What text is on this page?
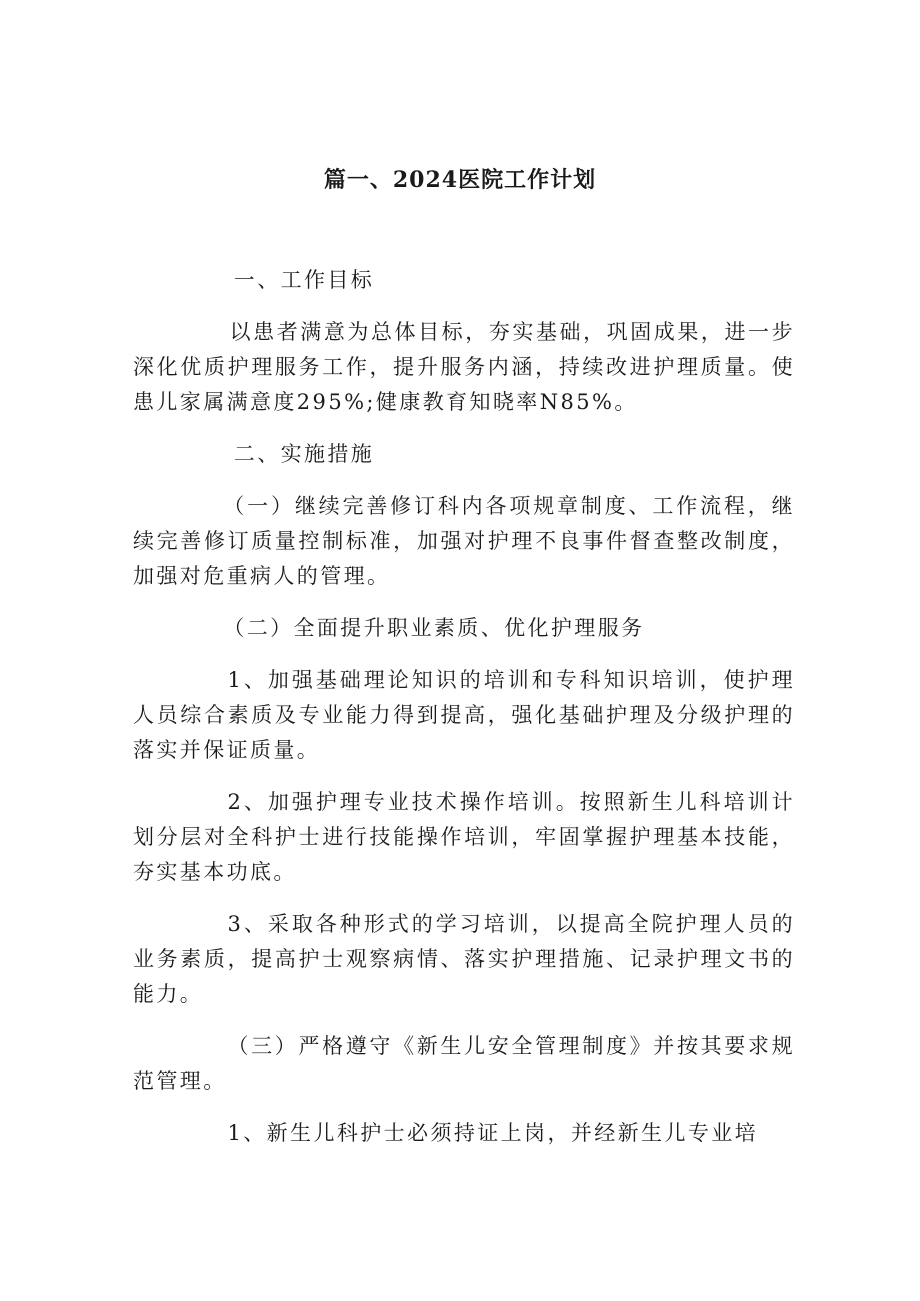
篇一、2024医院工作计划

一、工作目标

以患者满意为总体目标，夯实基础，巩固成果，进一步深化优质护理服务工作，提升服务内涵，持续改进护理质量。使患儿家属满意度295%;健康教育知晓率N85%。

二、实施措施

（一）继续完善修订科内各项规章制度、工作流程，继续完善修订质量控制标准，加强对护理不良事件督查整改制度，加强对危重病人的管理。

（二）全面提升职业素质、优化护理服务

1、加强基础理论知识的培训和专科知识培训，使护理人员综合素质及专业能力得到提高，强化基础护理及分级护理的落实并保证质量。

2、加强护理专业技术操作培训。按照新生儿科培训计划分层对全科护士进行技能操作培训，牢固掌握护理基本技能，夯实基本功底。

3、采取各种形式的学习培训，以提高全院护理人员的业务素质，提高护士观察病情、落实护理措施、记录护理文书的能力。

（三）严格遵守《新生儿安全管理制度》并按其要求规范管理。

1、新生儿科护士必须持证上岗，并经新生儿专业培
